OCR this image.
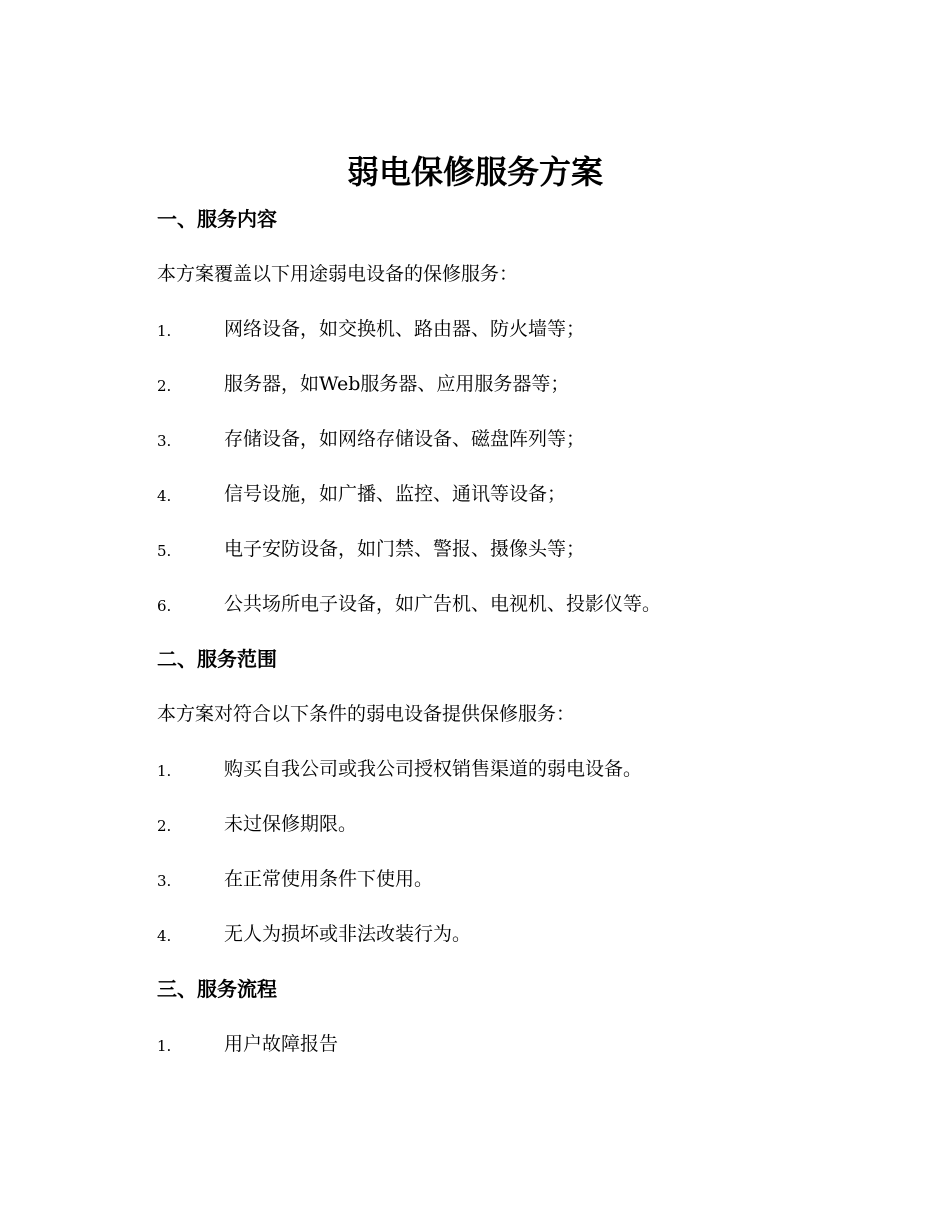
弱电保修服务方案
一、服务内容
本方案覆盖以下用途弱电设备的保修服务：
1.	网络设备，如交换机、路由器、防火墙等；
2.	服务器，如Web服务器、应用服务器等；
3.	存储设备，如网络存储设备、磁盘阵列等；
4.	信号设施，如广播、监控、通讯等设备；
5.	电子安防设备，如门禁、警报、摄像头等；
6.	公共场所电子设备，如广告机、电视机、投影仪等。
二、服务范围
本方案对符合以下条件的弱电设备提供保修服务：
1.	购买自我公司或我公司授权销售渠道的弱电设备。
2.	未过保修期限。
3.	在正常使用条件下使用。
4.	无人为损坏或非法改装行为。
三、服务流程
1.	用户故障报告
